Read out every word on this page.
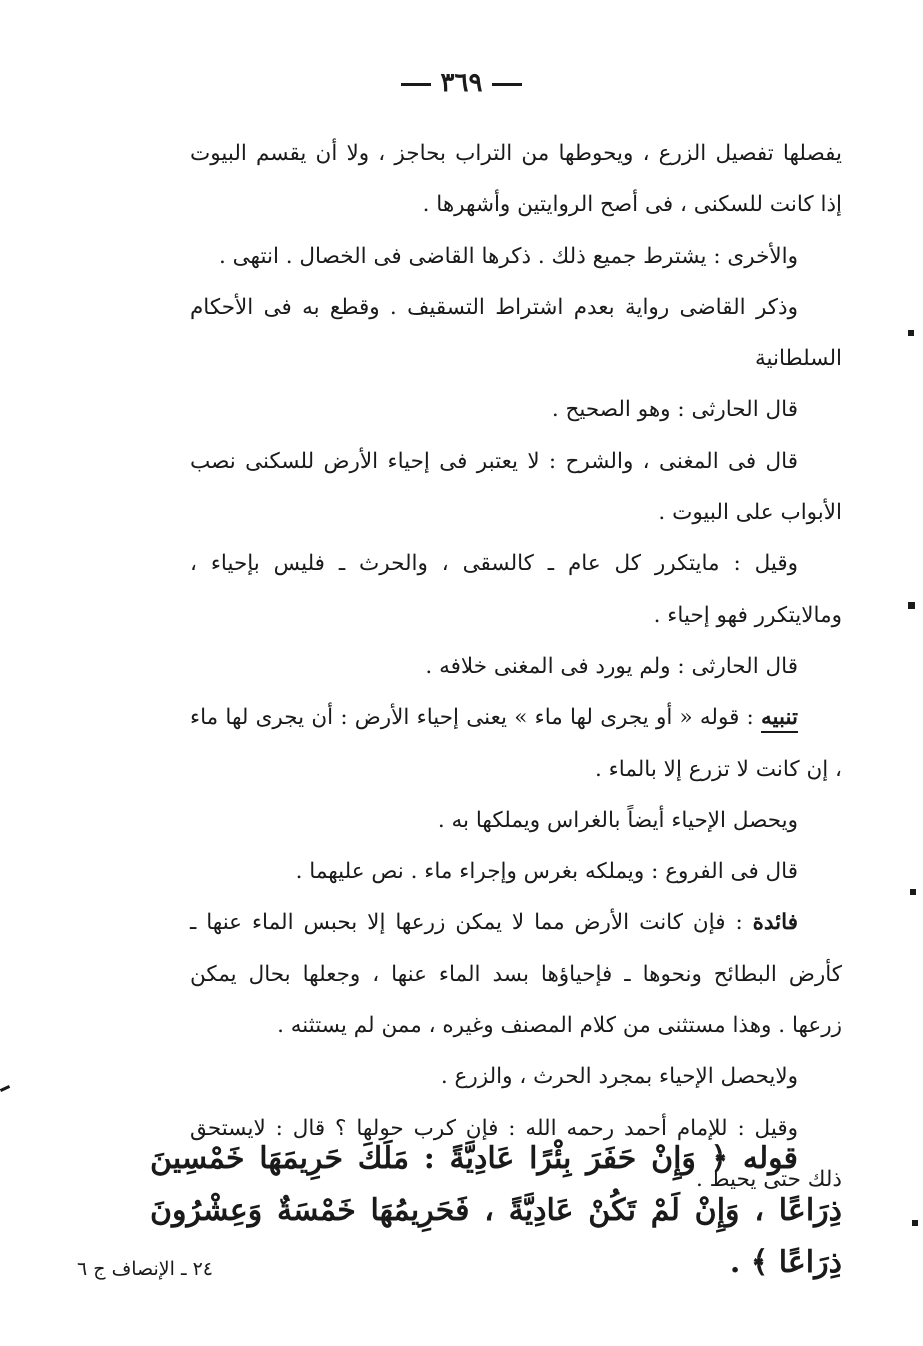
٣٦٩

يفصلها تفصيل الزرع ، ويحوطها من التراب بحاجز ، ولا أن يقسم البيوت إذا كانت للسكنى ، فى أصح الروايتين وأشهرها .

والأخرى : يشترط جميع ذلك . ذكرها القاضى فى الخصال . انتهى .

وذكر القاضى رواية بعدم اشتراط التسقيف . وقطع به فى الأحكام السلطانية

قال الحارثى : وهو الصحيح .

قال فى المغنى ، والشرح : لا يعتبر فى إحياء الأرض للسكنى نصب الأبواب على البيوت .

وقيل : مايتكرر كل عام ـ كالسقى ، والحرث ـ فليس بإحياء ، ومالايتكرر فهو إحياء .

قال الحارثى : ولم يورد فى المغنى خلافه .

تنبيه : قوله « أو يجرى لها ماء » يعنى إحياء الأرض : أن يجرى لها ماء ، إن كانت لا تزرع إلا بالماء .

ويحصل الإحياء أيضاً بالغراس ويملكها به .

قال فى الفروع : ويملكه بغرس وإجراء ماء . نص عليهما .

فائدة : فإن كانت الأرض مما لا يمكن زرعها إلا بحبس الماء عنها ـ كأرض البطائح ونحوها ـ فإحياؤها بسد الماء عنها ، وجعلها بحال يمكن زرعها . وهذا مستثنى من كلام المصنف وغيره ، ممن لم يستثنه .

ولايحصل الإحياء بمجرد الحرث ، والزرع .

وقيل : للإمام أحمد رحمه الله : فإن كرب حولها ؟ قال : لايستحق ذلك حتى يحيط .

قوله ﴿ وَإِنْ حَفَرَ بِئْرًا عَادِيَّةً : مَلَكَ حَرِيمَهَا خَمْسِينَ ذِرَاعًا ، وَإِنْ لَمْ تَكُنْ عَادِيَّةً ، فَحَرِيمُهَا خَمْسَةٌ وَعِشْرُونَ ذِرَاعًا ﴾ .
٢٤ ـ الإنصاف ج ٦
